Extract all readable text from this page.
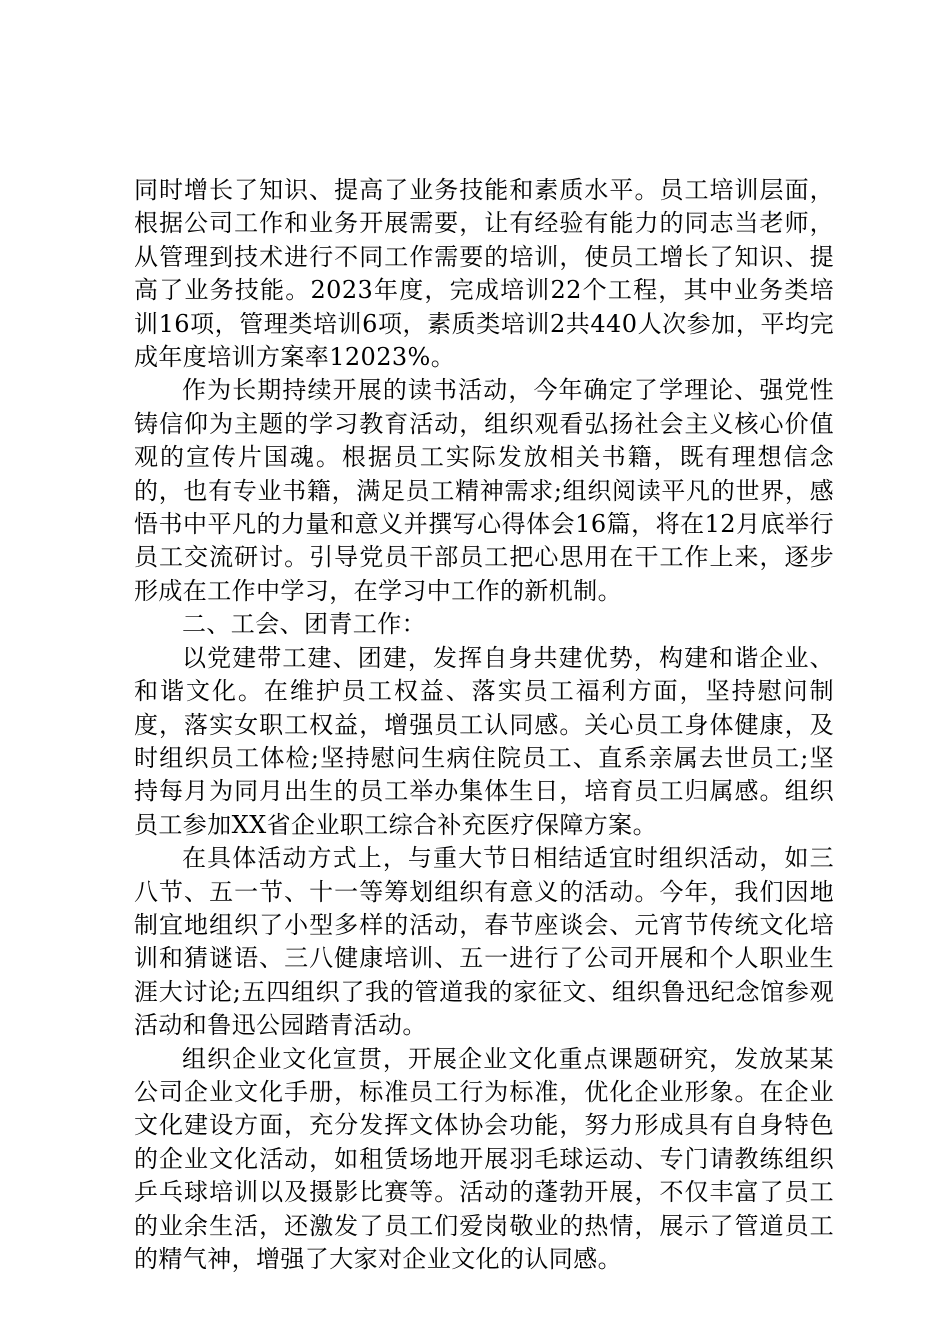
同时增长了知识、提高了业务技能和素质水平。员工培训层面，根据公司工作和业务开展需要，让有经验有能力的同志当老师，从管理到技术进行不同工作需要的培训，使员工增长了知识、提高了业务技能。2023年度，完成培训22个工程，其中业务类培训16项，管理类培训6项，素质类培训2共440人次参加，平均完成年度培训方案率12023%。

作为长期持续开展的读书活动，今年确定了学理论、强党性铸信仰为主题的学习教育活动，组织观看弘扬社会主义核心价值观的宣传片国魂。根据员工实际发放相关书籍，既有理想信念的，也有专业书籍，满足员工精神需求;组织阅读平凡的世界，感悟书中平凡的力量和意义并撰写心得体会16篇，将在12月底举行员工交流研讨。引导党员干部员工把心思用在干工作上来，逐步形成在工作中学习，在学习中工作的新机制。

二、工会、团青工作：

以党建带工建、团建，发挥自身共建优势，构建和谐企业、和谐文化。在维护员工权益、落实员工福利方面，坚持慰问制度，落实女职工权益，增强员工认同感。关心员工身体健康，及时组织员工体检;坚持慰问生病住院员工、直系亲属去世员工;坚持每月为同月出生的员工举办集体生日，培育员工归属感。组织员工参加XX省企业职工综合补充医疗保障方案。

在具体活动方式上，与重大节日相结适宜时组织活动，如三八节、五一节、十一等筹划组织有意义的活动。今年，我们因地制宜地组织了小型多样的活动，春节座谈会、元宵节传统文化培训和猜谜语、三八健康培训、五一进行了公司开展和个人职业生涯大讨论;五四组织了我的管道我的家征文、组织鲁迅纪念馆参观活动和鲁迅公园踏青活动。

组织企业文化宣贯，开展企业文化重点课题研究，发放某某公司企业文化手册，标准员工行为标准，优化企业形象。在企业文化建设方面，充分发挥文体协会功能，努力形成具有自身特色的企业文化活动，如租赁场地开展羽毛球运动、专门请教练组织乒乓球培训以及摄影比赛等。活动的蓬勃开展，不仅丰富了员工的业余生活，还激发了员工们爱岗敬业的热情，展示了管道员工的精气神，增强了大家对企业文化的认同感。
